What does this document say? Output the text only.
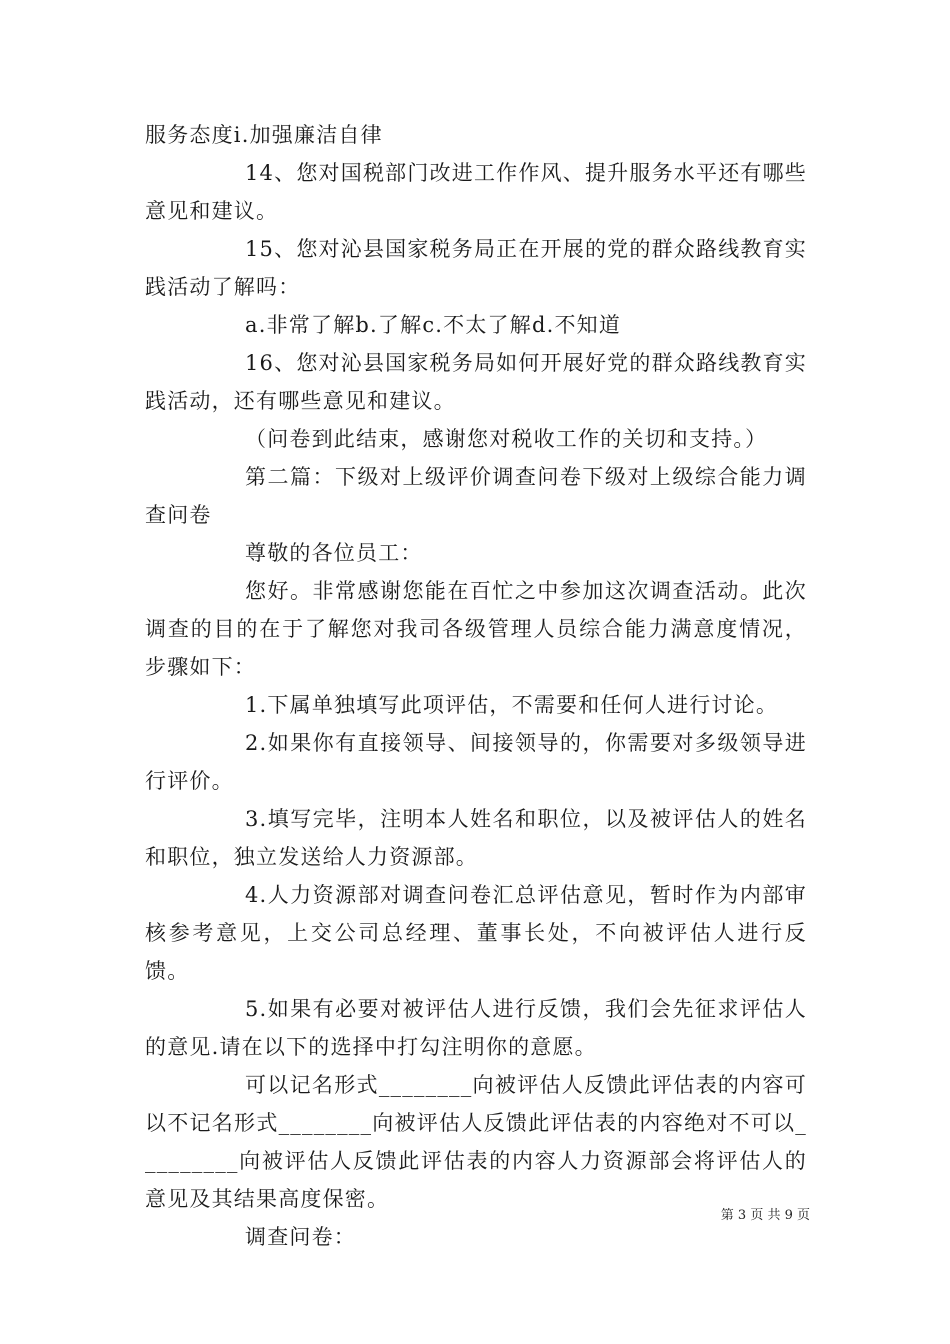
服务态度i.加强廉洁自律

14、您对国税部门改进工作作风、提升服务水平还有哪些意见和建议。

15、您对沁县国家税务局正在开展的党的群众路线教育实践活动了解吗：

a.非常了解b.了解c.不太了解d.不知道

16、您对沁县国家税务局如何开展好党的群众路线教育实践活动，还有哪些意见和建议。

（问卷到此结束，感谢您对税收工作的关切和支持。）

第二篇：下级对上级评价调查问卷下级对上级综合能力调查问卷

尊敬的各位员工：

您好。非常感谢您能在百忙之中参加这次调查活动。此次调查的目的在于了解您对我司各级管理人员综合能力满意度情况，步骤如下：

1.下属单独填写此项评估，不需要和任何人进行讨论。

2.如果你有直接领导、间接领导的，你需要对多级领导进行评价。

3.填写完毕，注明本人姓名和职位，以及被评估人的姓名和职位，独立发送给人力资源部。

4.人力资源部对调查问卷汇总评估意见，暂时作为内部审核参考意见，上交公司总经理、董事长处，不向被评估人进行反馈。

5.如果有必要对被评估人进行反馈，我们会先征求评估人的意见.请在以下的选择中打勾注明你的意愿。

可以记名形式________向被评估人反馈此评估表的内容可以不记名形式________向被评估人反馈此评估表的内容绝对不可以_________向被评估人反馈此评估表的内容人力资源部会将评估人的意见及其结果高度保密。

调查问卷：

第 3 页 共 9 页
